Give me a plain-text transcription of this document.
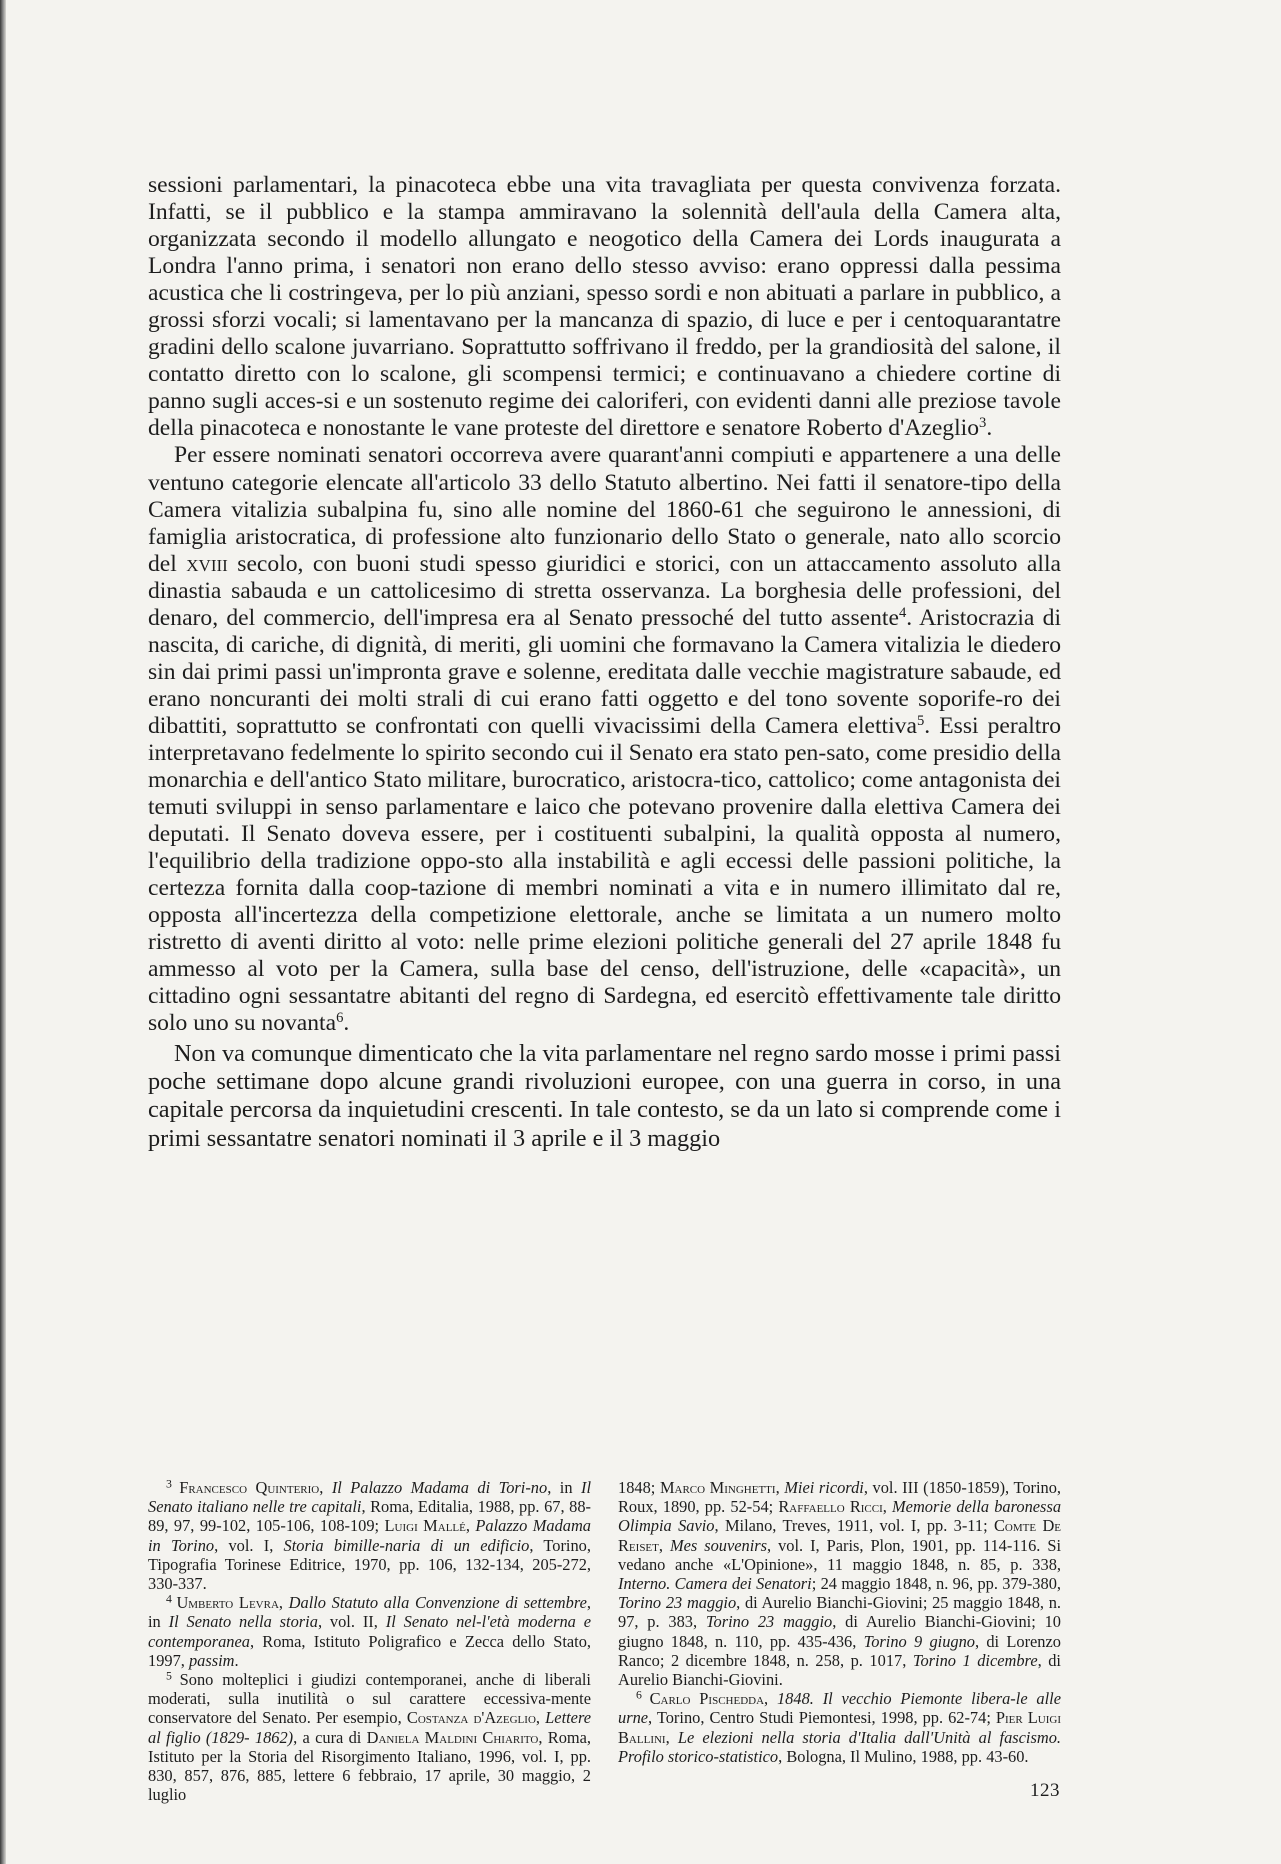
sessioni parlamentari, la pinacoteca ebbe una vita travagliata per questa convivenza forzata. Infatti, se il pubblico e la stampa ammiravano la solennità dell'aula della Camera alta, organizzata secondo il modello allungato e neogotico della Camera dei Lords inaugurata a Londra l'anno prima, i senatori non erano dello stesso avviso: erano oppressi dalla pessima acustica che li costringeva, per lo più anziani, spesso sordi e non abituati a parlare in pubblico, a grossi sforzi vocali; si lamentavano per la mancanza di spazio, di luce e per i centoquarantatre gradini dello scalone juvarriano. Soprattutto soffrivano il freddo, per la grandiosità del salone, il contatto diretto con lo scalone, gli scompensi termici; e continuavano a chiedere cortine di panno sugli acces-si e un sostenuto regime dei caloriferi, con evidenti danni alle preziose tavole della pinacoteca e nonostante le vane proteste del direttore e senatore Roberto d'Azeglio$^3$.

Per essere nominati senatori occorreva avere quarant'anni compiuti e appartenere a una delle ventuno categorie elencate all'articolo 33 dello Statuto albertino. Nei fatti il senatore-tipo della Camera vitalizia subalpina fu, sino alle nomine del 1860-61 che seguirono le annessioni, di famiglia aristocratica, di professione alto funzionario dello Stato o generale, nato allo scorcio del xviii secolo, con buoni studi spesso giuridici e storici, con un attaccamento assoluto alla dinastia sabauda e un cattolicesimo di stretta osservanza. La borghesia delle professioni, del denaro, del commercio, dell'impresa era al Senato pressoché del tutto assente$^4$. Aristocrazia di nascita, di cariche, di dignità, di meriti, gli uomini che formavano la Camera vitalizia le diedero sin dai primi passi un'impronta grave e solenne, ereditata dalle vecchie magistrature sabaude, ed erano noncuranti dei molti strali di cui erano fatti oggetto e del tono sovente soporife-ro dei dibattiti, soprattutto se confrontati con quelli vivacissimi della Camera elettiva$^5$. Essi peraltro interpretavano fedelmente lo spirito secondo cui il Senato era stato pen-sato, come presidio della monarchia e dell'antico Stato militare, burocratico, aristocra-tico, cattolico; come antagonista dei temuti sviluppi in senso parlamentare e laico che potevano provenire dalla elettiva Camera dei deputati. Il Senato doveva essere, per i costituenti subalpini, la qualità opposta al numero, l'equilibrio della tradizione oppo-sto alla instabilità e agli eccessi delle passioni politiche, la certezza fornita dalla coop-tazione di membri nominati a vita e in numero illimitato dal re, opposta all'incertezza della competizione elettorale, anche se limitata a un numero molto ristretto di aventi diritto al voto: nelle prime elezioni politiche generali del 27 aprile 1848 fu ammesso al voto per la Camera, sulla base del censo, dell'istruzione, delle «capacità», un cittadino ogni sessantatre abitanti del regno di Sardegna, ed esercitò effettivamente tale diritto solo uno su novanta$^6$.

Non va comunque dimenticato che la vita parlamentare nel regno sardo mosse i primi passi poche settimane dopo alcune grandi rivoluzioni europee, con una guerra in corso, in una capitale percorsa da inquietudini crescenti. In tale contesto, se da un lato si comprende come i primi sessantatre senatori nominati il 3 aprile e il 3 maggio

$^3$ Francesco Quinterio, Il Palazzo Madama di Tori-no, in Il Senato italiano nelle tre capitali, Roma, Editalia, 1988, pp. 67, 88-89, 97, 99-102, 105-106, 108-109; Luigi Mallé, Palazzo Madama in Torino, vol. I, Storia bimille-naria di un edificio, Torino, Tipografia Torinese Editrice, 1970, pp. 106, 132-134, 205-272, 330-337.

$^4$ Umberto Levra, Dallo Statuto alla Convenzione di settembre, in Il Senato nella storia, vol. II, Il Senato nel-l'età moderna e contemporanea, Roma, Istituto Poligrafico e Zecca dello Stato, 1997, passim.

$^5$ Sono molteplici i giudizi contemporanei, anche di liberali moderati, sulla inutilità o sul carattere eccessiva-mente conservatore del Senato. Per esempio, Costanza d'Azeglio, Lettere al figlio (1829- 1862), a cura di Daniela Maldini Chiarito, Roma, Istituto per la Storia del Risorgimento Italiano, 1996, vol. I, pp. 830, 857, 876, 885, lettere 6 febbraio, 17 aprile, 30 maggio, 2 luglio

1848; Marco Minghetti, Miei ricordi, vol. III (1850-1859), Torino, Roux, 1890, pp. 52-54; Raffaello Ricci, Memorie della baronessa Olimpia Savio, Milano, Treves, 1911, vol. I, pp. 3-11; Comte De Reiset, Mes souvenirs, vol. I, Paris, Plon, 1901, pp. 114-116. Si vedano anche «L'Opinione», 11 maggio 1848, n. 85, p. 338, Interno. Camera dei Senatori; 24 maggio 1848, n. 96, pp. 379-380, Torino 23 maggio, di Aurelio Bianchi-Giovini; 25 maggio 1848, n. 97, p. 383, Torino 23 maggio, di Aurelio Bianchi-Giovini; 10 giugno 1848, n. 110, pp. 435-436, Torino 9 giugno, di Lorenzo Ranco; 2 dicembre 1848, n. 258, p. 1017, Torino 1 dicembre, di Aurelio Bianchi-Giovini.

$^6$ Carlo Pischedda, 1848. Il vecchio Piemonte libera-le alle urne, Torino, Centro Studi Piemontesi, 1998, pp. 62-74; Pier Luigi Ballini, Le elezioni nella storia d'Italia dall'Unità al fascismo. Profilo storico-statistico, Bologna, Il Mulino, 1988, pp. 43-60.

123
